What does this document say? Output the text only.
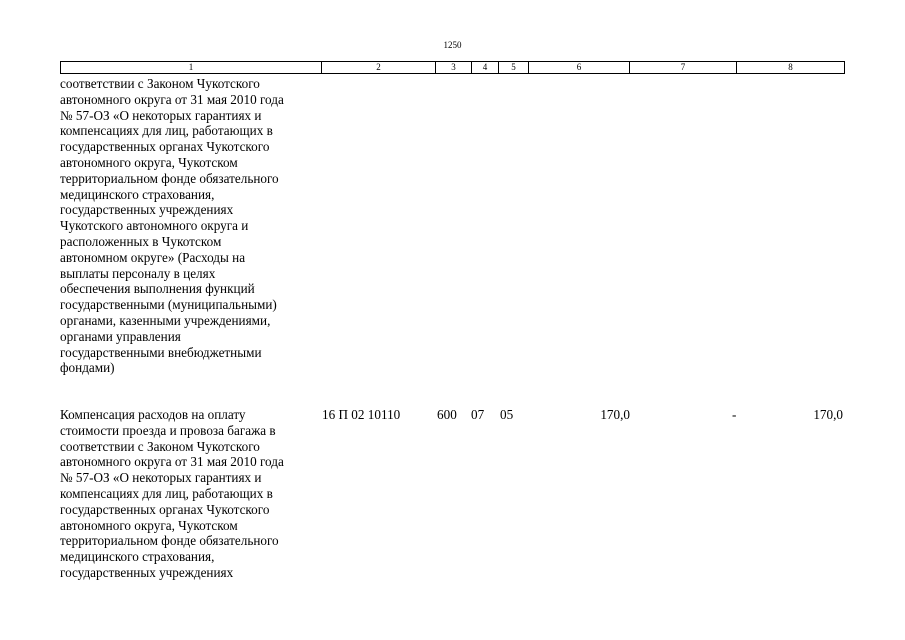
1250
1	2	3	4	5	6	7	8
соответствии с Законом Чукотского
автономного округа от 31 мая 2010 года
№ 57-ОЗ «О некоторых гарантиях и
компенсациях для лиц, работающих в
государственных органах Чукотского
автономного округа, Чукотском
территориальном фонде обязательного
медицинского страхования,
государственных учреждениях
Чукотского автономного округа и
расположенных в Чукотском
автономном округе» (Расходы на
выплаты персоналу в целях
обеспечения выполнения функций
государственными (муниципальными)
органами, казенными учреждениями,
органами управления
государственными внебюджетными
фондами)
Компенсация расходов на оплату
стоимости проезда и провоза багажа в
соответствии с Законом Чукотского
автономного округа от 31 мая 2010 года
№ 57-ОЗ «О некоторых гарантиях и
компенсациях для лиц, работающих в
государственных органах Чукотского
автономного округа, Чукотском
территориальном фонде обязательного
медицинского страхования,
государственных учреждениях
16 П 02 10110	600 07 05	170,0	-	170,0
